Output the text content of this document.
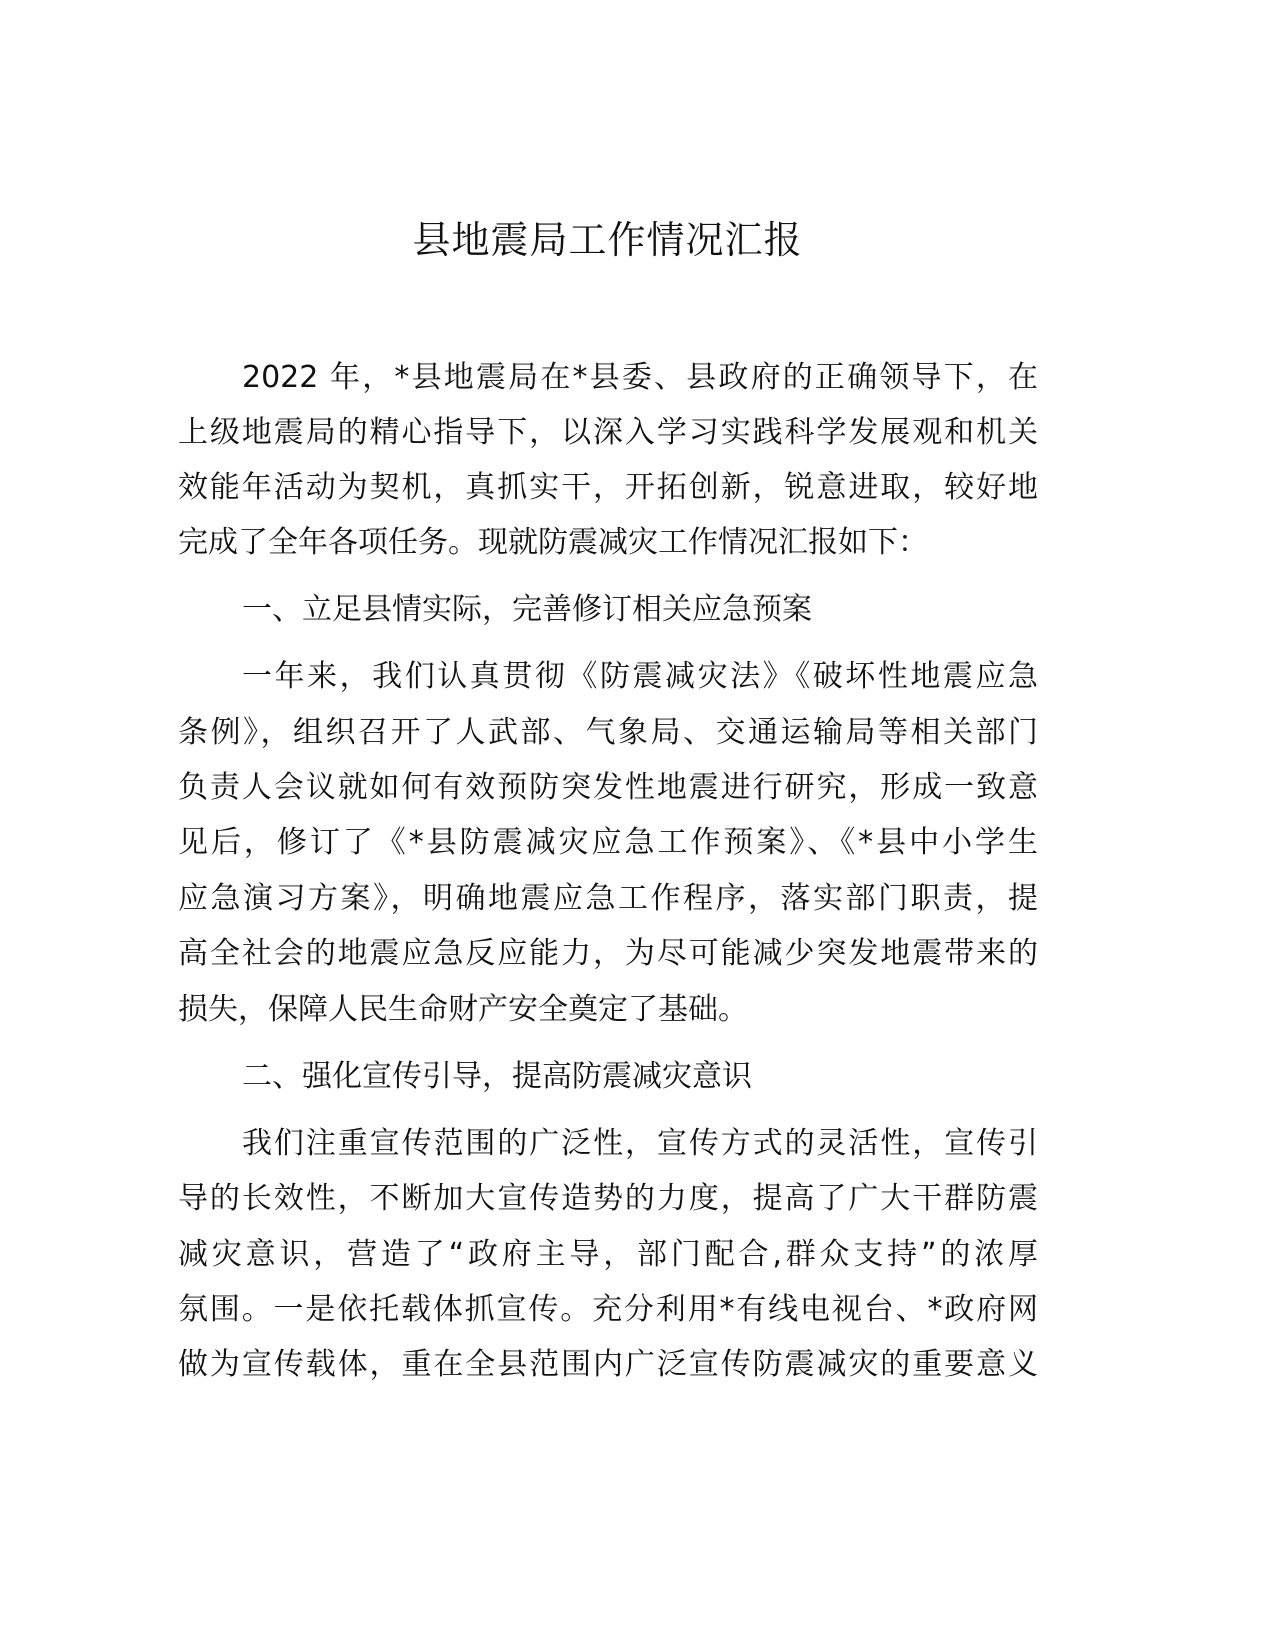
县地震局工作情况汇报
2022 年，*县地震局在*县委、县政府的正确领导下，在
上级地震局的精心指导下，以深入学习实践科学发展观和机关
效能年活动为契机，真抓实干，开拓创新，锐意进取，较好地
完成了全年各项任务。现就防震减灾工作情况汇报如下：
一、立足县情实际，完善修订相关应急预案
一年来，我们认真贯彻《防震减灾法》《破坏性地震应急
条例》，组织召开了人武部、气象局、交通运输局等相关部门
负责人会议就如何有效预防突发性地震进行研究，形成一致意
见后，修订了《*县防震减灾应急工作预案》、《*县中小学生
应急演习方案》，明确地震应急工作程序，落实部门职责，提
高全社会的地震应急反应能力，为尽可能减少突发地震带来的
损失，保障人民生命财产安全奠定了基础。
二、强化宣传引导，提高防震减灾意识
我们注重宣传范围的广泛性，宣传方式的灵活性，宣传引
导的长效性，不断加大宣传造势的力度，提高了广大干群防震
减灾意识，营造了“政府主导，部门配合,群众支持”的浓厚
氛围。一是依托载体抓宣传。充分利用*有线电视台、*政府网
做为宣传载体，重在全县范围内广泛宣传防震减灾的重要意义
